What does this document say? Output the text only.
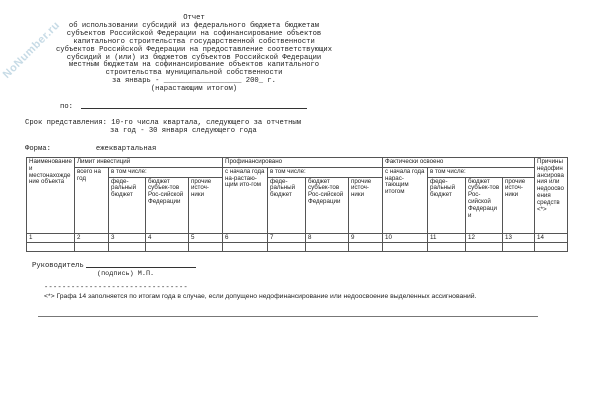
NoNumber.ru
Отчет
об использовании субсидий из федерального бюджета бюджетам
субъектов Российской Федерации на софинансирование объектов
капитального строительства государственной собственности
субъектов Российской Федерации на предоставление соответствующих
субсидий и (или) из бюджетов субъектов Российской Федерации
местным бюджетам на софинансирование объектов капитального
строительства муниципальной собственности
за январь - __________________ 200_ г.
(нарастающим итогом)
по:
Срок представления: 10-го числа квартала, следующего за отчетным
за год - 30 января следующего года
Форма:	ежеквартальная
Наименование и местонахождение объекта	Лимит инвестиций				Профинансировано				Фактически освоено				Причины недофинансирования или недоосвоения средств <*>
	всего на год	в том числе:			с начала года на-растаю-щим ито-гом	в том числе:			с начала года нарас-тающим итогом	в том числе:			
		феде-ральный бюджет	бюджет субъек-тов Рос-сийской Федерации	прочие источ-ники		феде-ральный бюджет	бюджет субъек-тов Рос-сийской Федерации	прочие источ-ники		феде-ральный бюджет	бюджет субъек-тов Рос-сийской Федерации	прочие источ-ники	
1	2	3	4	5	6	7	8	9	10	11	12	13	14

Руководитель
(подпись) М.П.
--------------------------------
<*> Графа 14 заполняется по итогам года в случае, если допущено недофинансирование или недоосвоение выделенных ассигнований.
